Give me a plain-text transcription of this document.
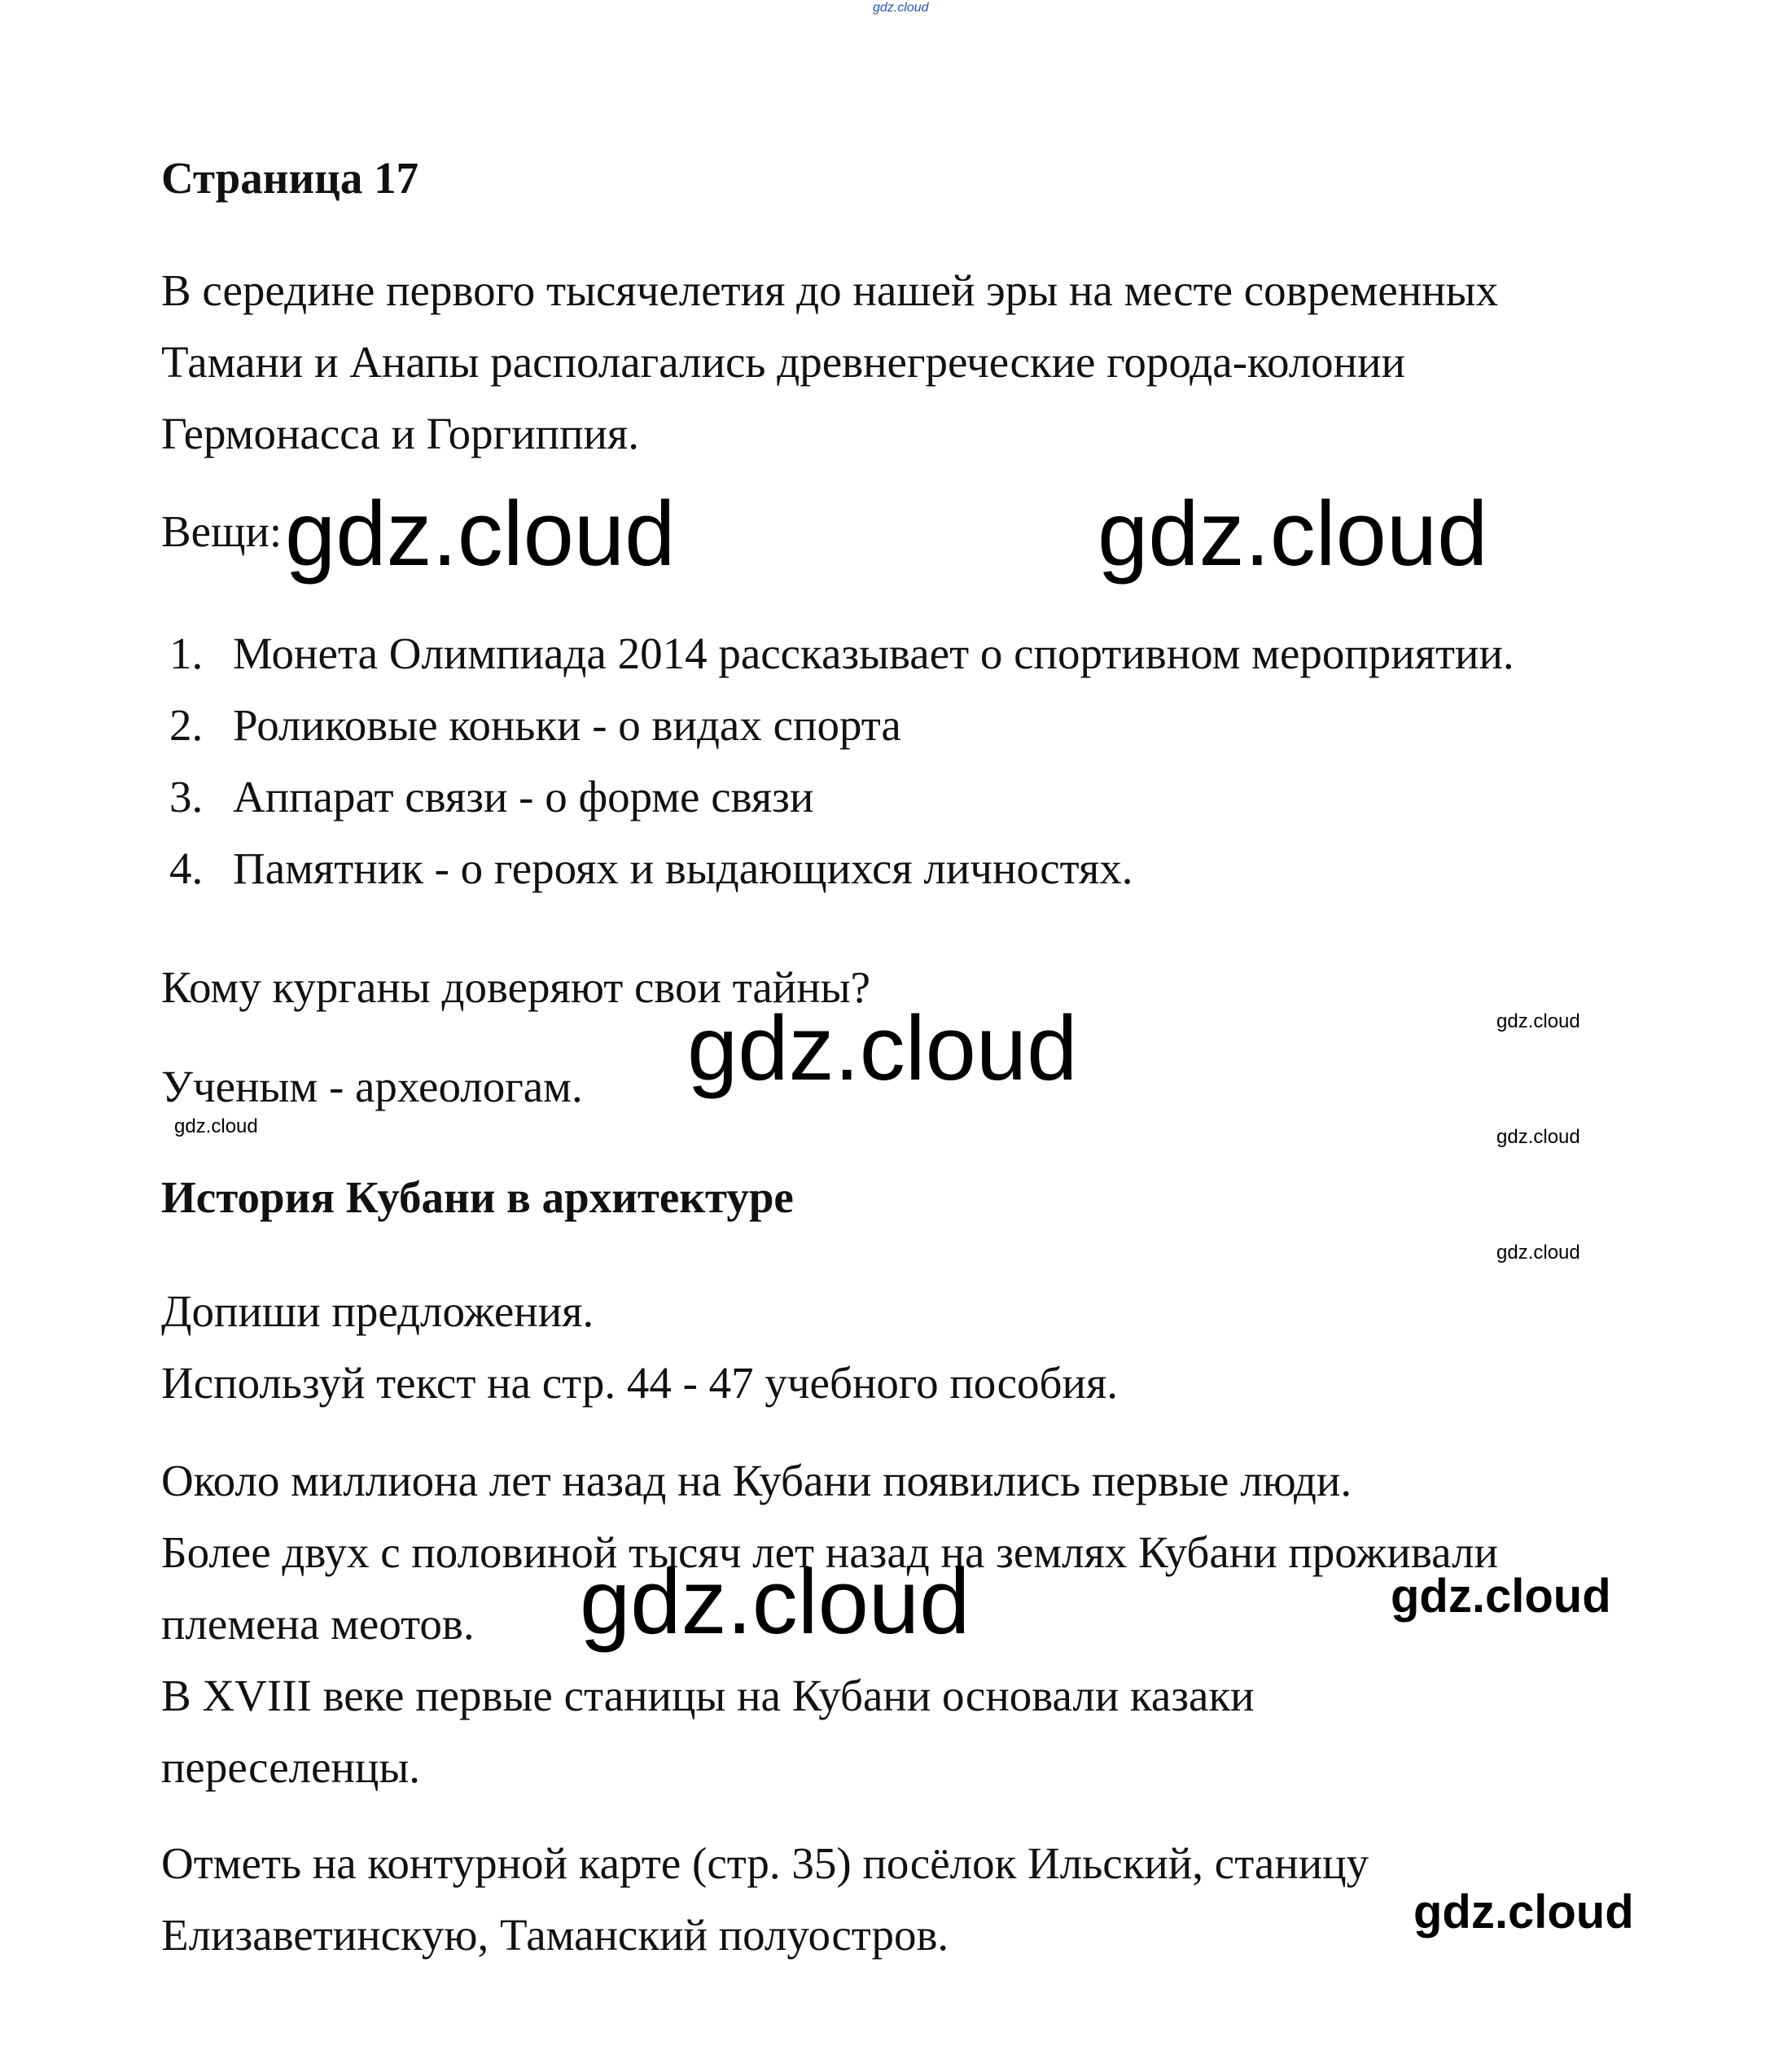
gdz.cloud
Страница 17
В середине первого тысячелетия до нашей эры на месте современных
Тамани и Анапы располагались древнегреческие города-колонии
Гермонасса и Горгиппия.
Вещи: gdz.cloud	gdz.cloud
1. Монета Олимпиада 2014 рассказывает о спортивном мероприятии.
2. Роликовые коньки - о видах спорта
3. Аппарат связи - о форме связи
4. Памятник - о героях и выдающихся личностях.
Кому курганы доверяют свои тайны?
gdz.cloud
gdz.cloud
Ученым - археологам.
gdz.cloud	gdz.cloud
История Кубани в архитектуре
gdz.cloud
Допиши предложения.
Используй текст на стр. 44 - 47 учебного пособия.
Около миллиона лет назад на Кубани появились первые люди.
Более двух с половиной тысяч лет назад на землях Кубани проживали
племена меотов. gdz.cloud	gdz.cloud
В XVIII веке первые станицы на Кубани основали казаки
переселенцы.
Отметь на контурной карте (стр. 35) посёлок Ильский, станицу
gdz.cloud
Елизаветинскую, Таманский полуостров.
